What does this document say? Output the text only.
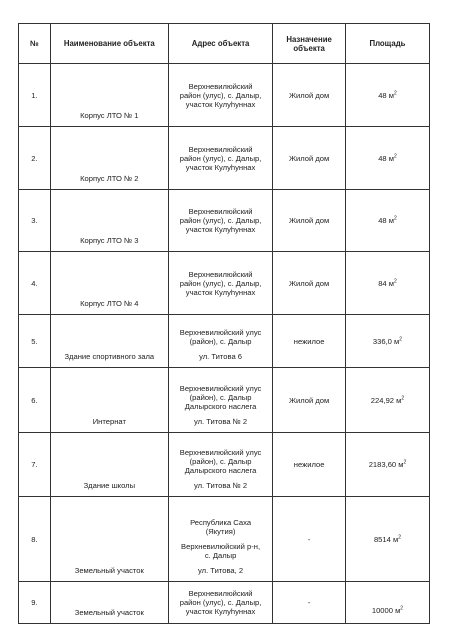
№	Наименование объекта	Адрес объекта	Назначение объекта	Площадь
1.	Корпус ЛТО № 1	Верхневилюйский
район (улус), с. Далыр,
участок Кулуһуннах	Жилой дом	48 $м^2$
2.	Корпус ЛТО № 2	Верхневилюйский
район (улус), с. Далыр,
участок Кулуһуннах	Жилой дом	48 $м^2$
3.	Корпус ЛТО № 3	Верхневилюйский
район (улус), с. Далыр,
участок Кулуһуннах	Жилой дом	48 $м^2$
4.	Корпус ЛТО № 4	Верхневилюйский
район (улус), с. Далыр,
участок Кулуһуннах	Жилой дом	84 $м^2$
5.	Здание спортивного зала	Верхневилюйский улус
(район), с. Далыр
ул. Титова 6	нежилое	336,0 $м^2$
6.	Интернат	Верхневилюйский улус
(район), с. Далыр
Далырского наслега
ул. Титова № 2	Жилой дом	224,92 $м^2$
7.	Здание школы	Верхневилюйский улус
(район), с. Далыр
Далырского наслега
ул. Титова № 2	нежилое	2183,60 $м^2$
8.	Земельный участок	Республика Саха
(Якутия)
Верхневилюйский р-н,
с. Далыр
ул. Титова, 2	-	8514 $м^2$
9.	Земельный участок	Верхневилюйский
район (улус), с. Далыр,
участок Кулуһуннах	-	10000 $м^2$
